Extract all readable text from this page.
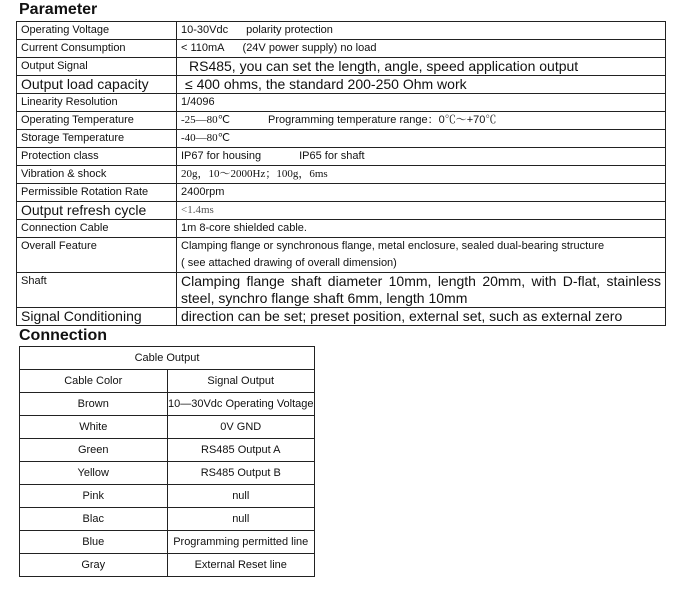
Parameter
Operating Voltage	10-30Vdc polarity protection
Current Consumption	< 110mA (24V power supply) no load
Output Signal	RS485, you can set the length, angle, speed application output
Output load capacity	≤ 400 ohms, the standard 200-250 Ohm work
Linearity Resolution	1/4096
Operating Temperature	-25—80℃ Programming temperature range：0℃～+70℃
Storage Temperature	-40—80℃
Protection class	IP67 for housing IP65 for shaft
Vibration & shock	20g，10～2000Hz；100g，6ms
Permissible Rotation Rate	2400rpm
Output refresh cycle	<1.4ms
Connection Cable	1m 8-core shielded cable.
Overall Feature	Clamping flange or synchronous flange, metal enclosure, sealed dual-bearing structure
( see attached drawing of overall dimension)

Shaft	Clamping flange shaft diameter 10mm, length 20mm, with D-flat, stainless steel, synchro flange shaft 6mm, length 10mm
Signal Conditioning	direction can be set; preset position, external set, such as external zero
Connection
Cable Output	
Cable Color	Signal Output
Brown	10—30Vdc Operating Voltage
White	0V GND
Green	RS485 Output A
Yellow	RS485 Output B
Pink	null
Blac	null
Blue	Programming permitted line
Gray	External Reset line
